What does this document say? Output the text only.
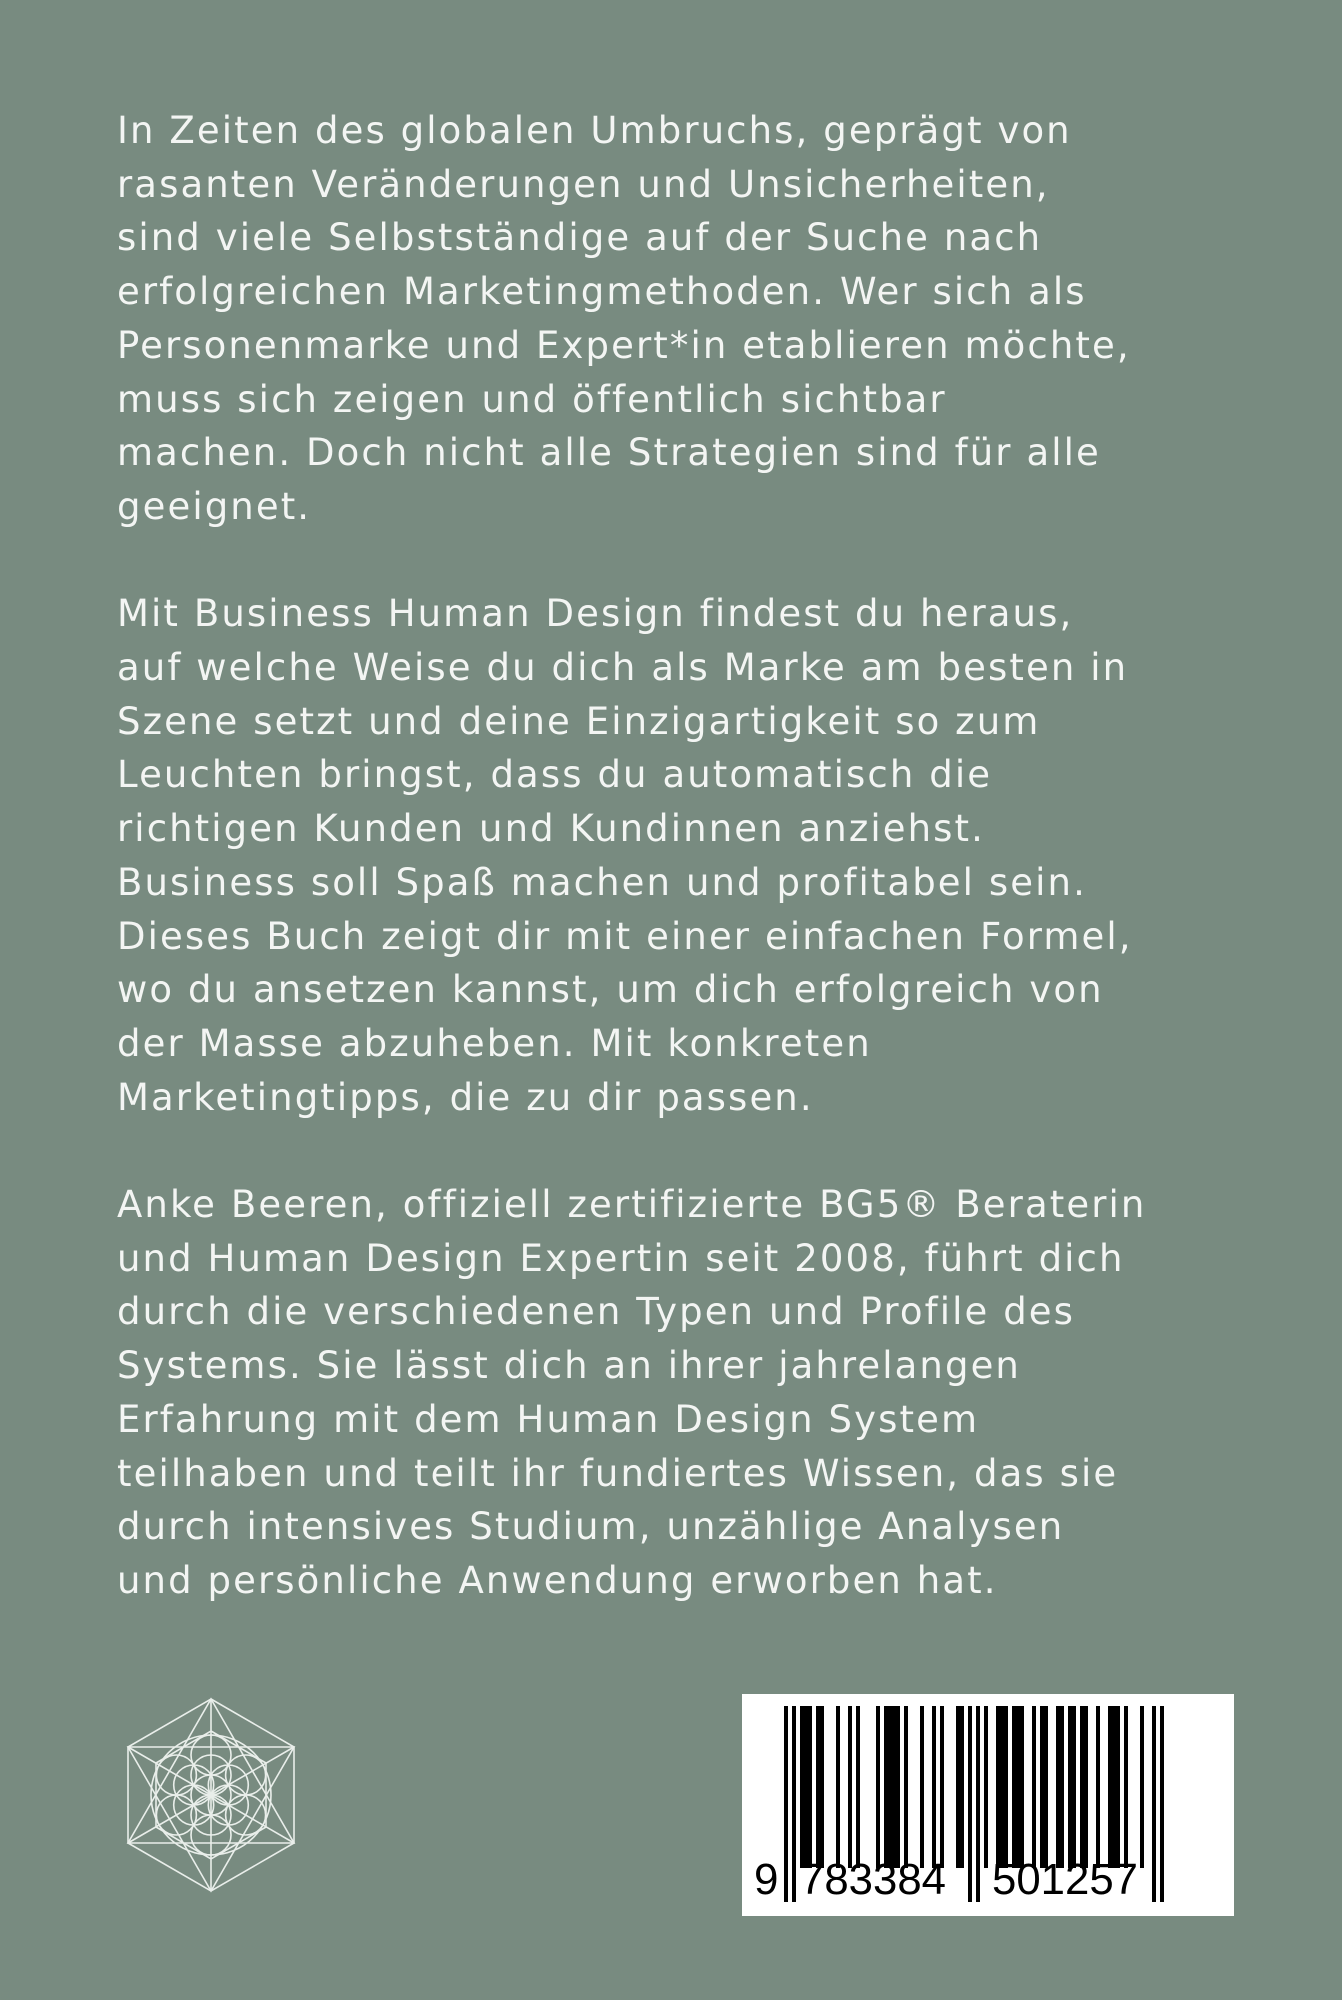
In Zeiten des globalen Umbruchs, geprägt von
rasanten Veränderungen und Unsicherheiten,
sind viele Selbstständige auf der Suche nach
erfolgreichen Marketingmethoden. Wer sich als
Personenmarke und Expert*in etablieren möchte,
muss sich zeigen und öffentlich sichtbar
machen. Doch nicht alle Strategien sind für alle
geeignet.
Mit Business Human Design findest du heraus,
auf welche Weise du dich als Marke am besten in
Szene setzt und deine Einzigartigkeit so zum
Leuchten bringst, dass du automatisch die
richtigen Kunden und Kundinnen anziehst.
Business soll Spaß machen und profitabel sein.
Dieses Buch zeigt dir mit einer einfachen Formel,
wo du ansetzen kannst, um dich erfolgreich von
der Masse abzuheben. Mit konkreten
Marketingtipps, die zu dir passen.
Anke Beeren, offiziell zertifizierte BG5® Beraterin
und Human Design Expertin seit 2008, führt dich
durch die verschiedenen Typen und Profile des
Systems. Sie lässt dich an ihrer jahrelangen
Erfahrung mit dem Human Design System
teilhaben und teilt ihr fundiertes Wissen, das sie
durch intensives Studium, unzählige Analysen
und persönliche Anwendung erworben hat.
9 783384 501257
